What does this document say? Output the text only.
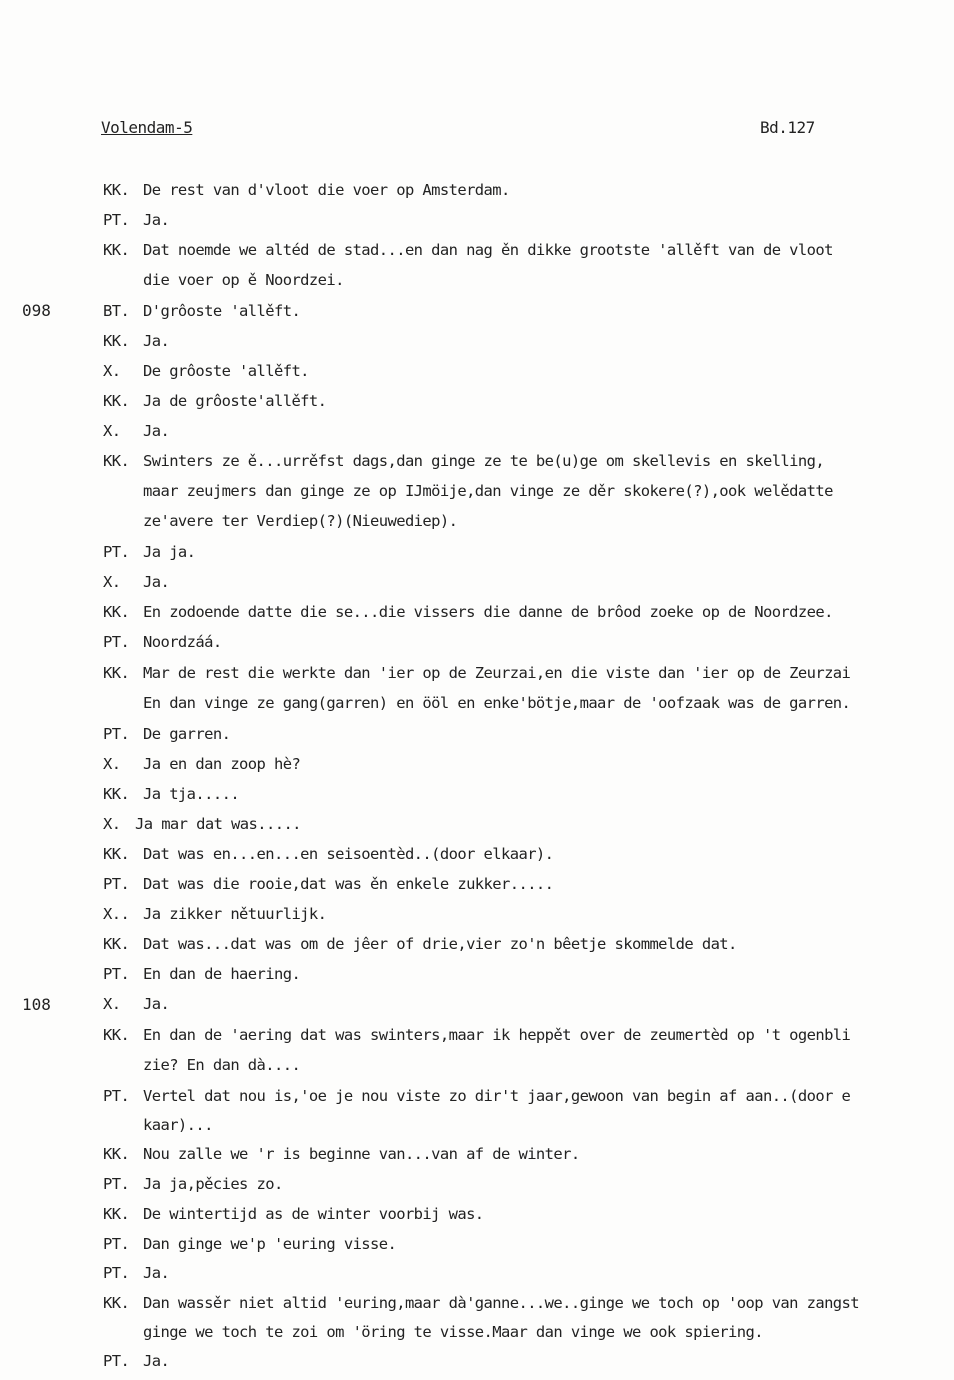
Volendam-5	Bd.127
098
108
KK. De rest van d'vloot die voer op Amsterdam.
PT. Ja.
KK. Dat noemde we altéd de stad...en dan nag ěn dikke grootste 'allěft van de vloot
die voer op ě Noordzei.
BT. D'grôoste 'allěft.
KK. Ja.
X. De grôoste 'allěft.
KK. Ja de grôoste'allěft.
X. Ja.
KK. Swinters ze ě...urrěfst dags,dan ginge ze te be(u)ge om skellevis en skelling,
maar zeujmers dan ginge ze op IJmöije,dan vinge ze děr skokere(?),ook welědatte
ze'avere ter Verdiep(?)(Nieuwediep).
PT. Ja ja.
X. Ja.
KK. En zodoende datte die se...die vissers die danne de brôod zoeke op de Noordzee.
PT. Noordzáá.
KK. Mar de rest die werkte dan 'ier op de Zeurzai,en die viste dan 'ier op de Zeurzai
En dan vinge ze gang(garren) en ööl en enke'bötje,maar de 'oofzaak was de garren.
PT. De garren.
X. Ja en dan zoop hè?
KK. Ja tja.....
X. Ja mar dat was.....
KK. Dat was en...en...en seisoentèd..(door elkaar).
PT. Dat was die rooie,dat was ěn enkele zukker.....
X.. Ja zikker nětuurlijk.
KK. Dat was...dat was om de jêer of drie,vier zo'n bêetje skommelde dat.
PT. En dan de haering.
X. Ja.
KK. En dan de 'aering dat was swinters,maar ik heppět over de zeumertèd op 't ogenbli
zie? En dan dà....
PT. Vertel dat nou is,'oe je nou viste zo dir't jaar,gewoon van begin af aan..(door e
kaar)...
KK. Nou zalle we 'r is beginne van...van af de winter.
PT. Ja ja,pěcies zo.
KK. De wintertijd as de winter voorbij was.
PT. Dan ginge we'p 'euring visse.
PT. Ja.
KK. Dan wassěr niet altid 'euring,maar dà'ganne...we..ginge we toch op 'oop van zangst
ginge we toch te zoi om 'öring te visse.Maar dan vinge we ook spiering.
PT. Ja.
